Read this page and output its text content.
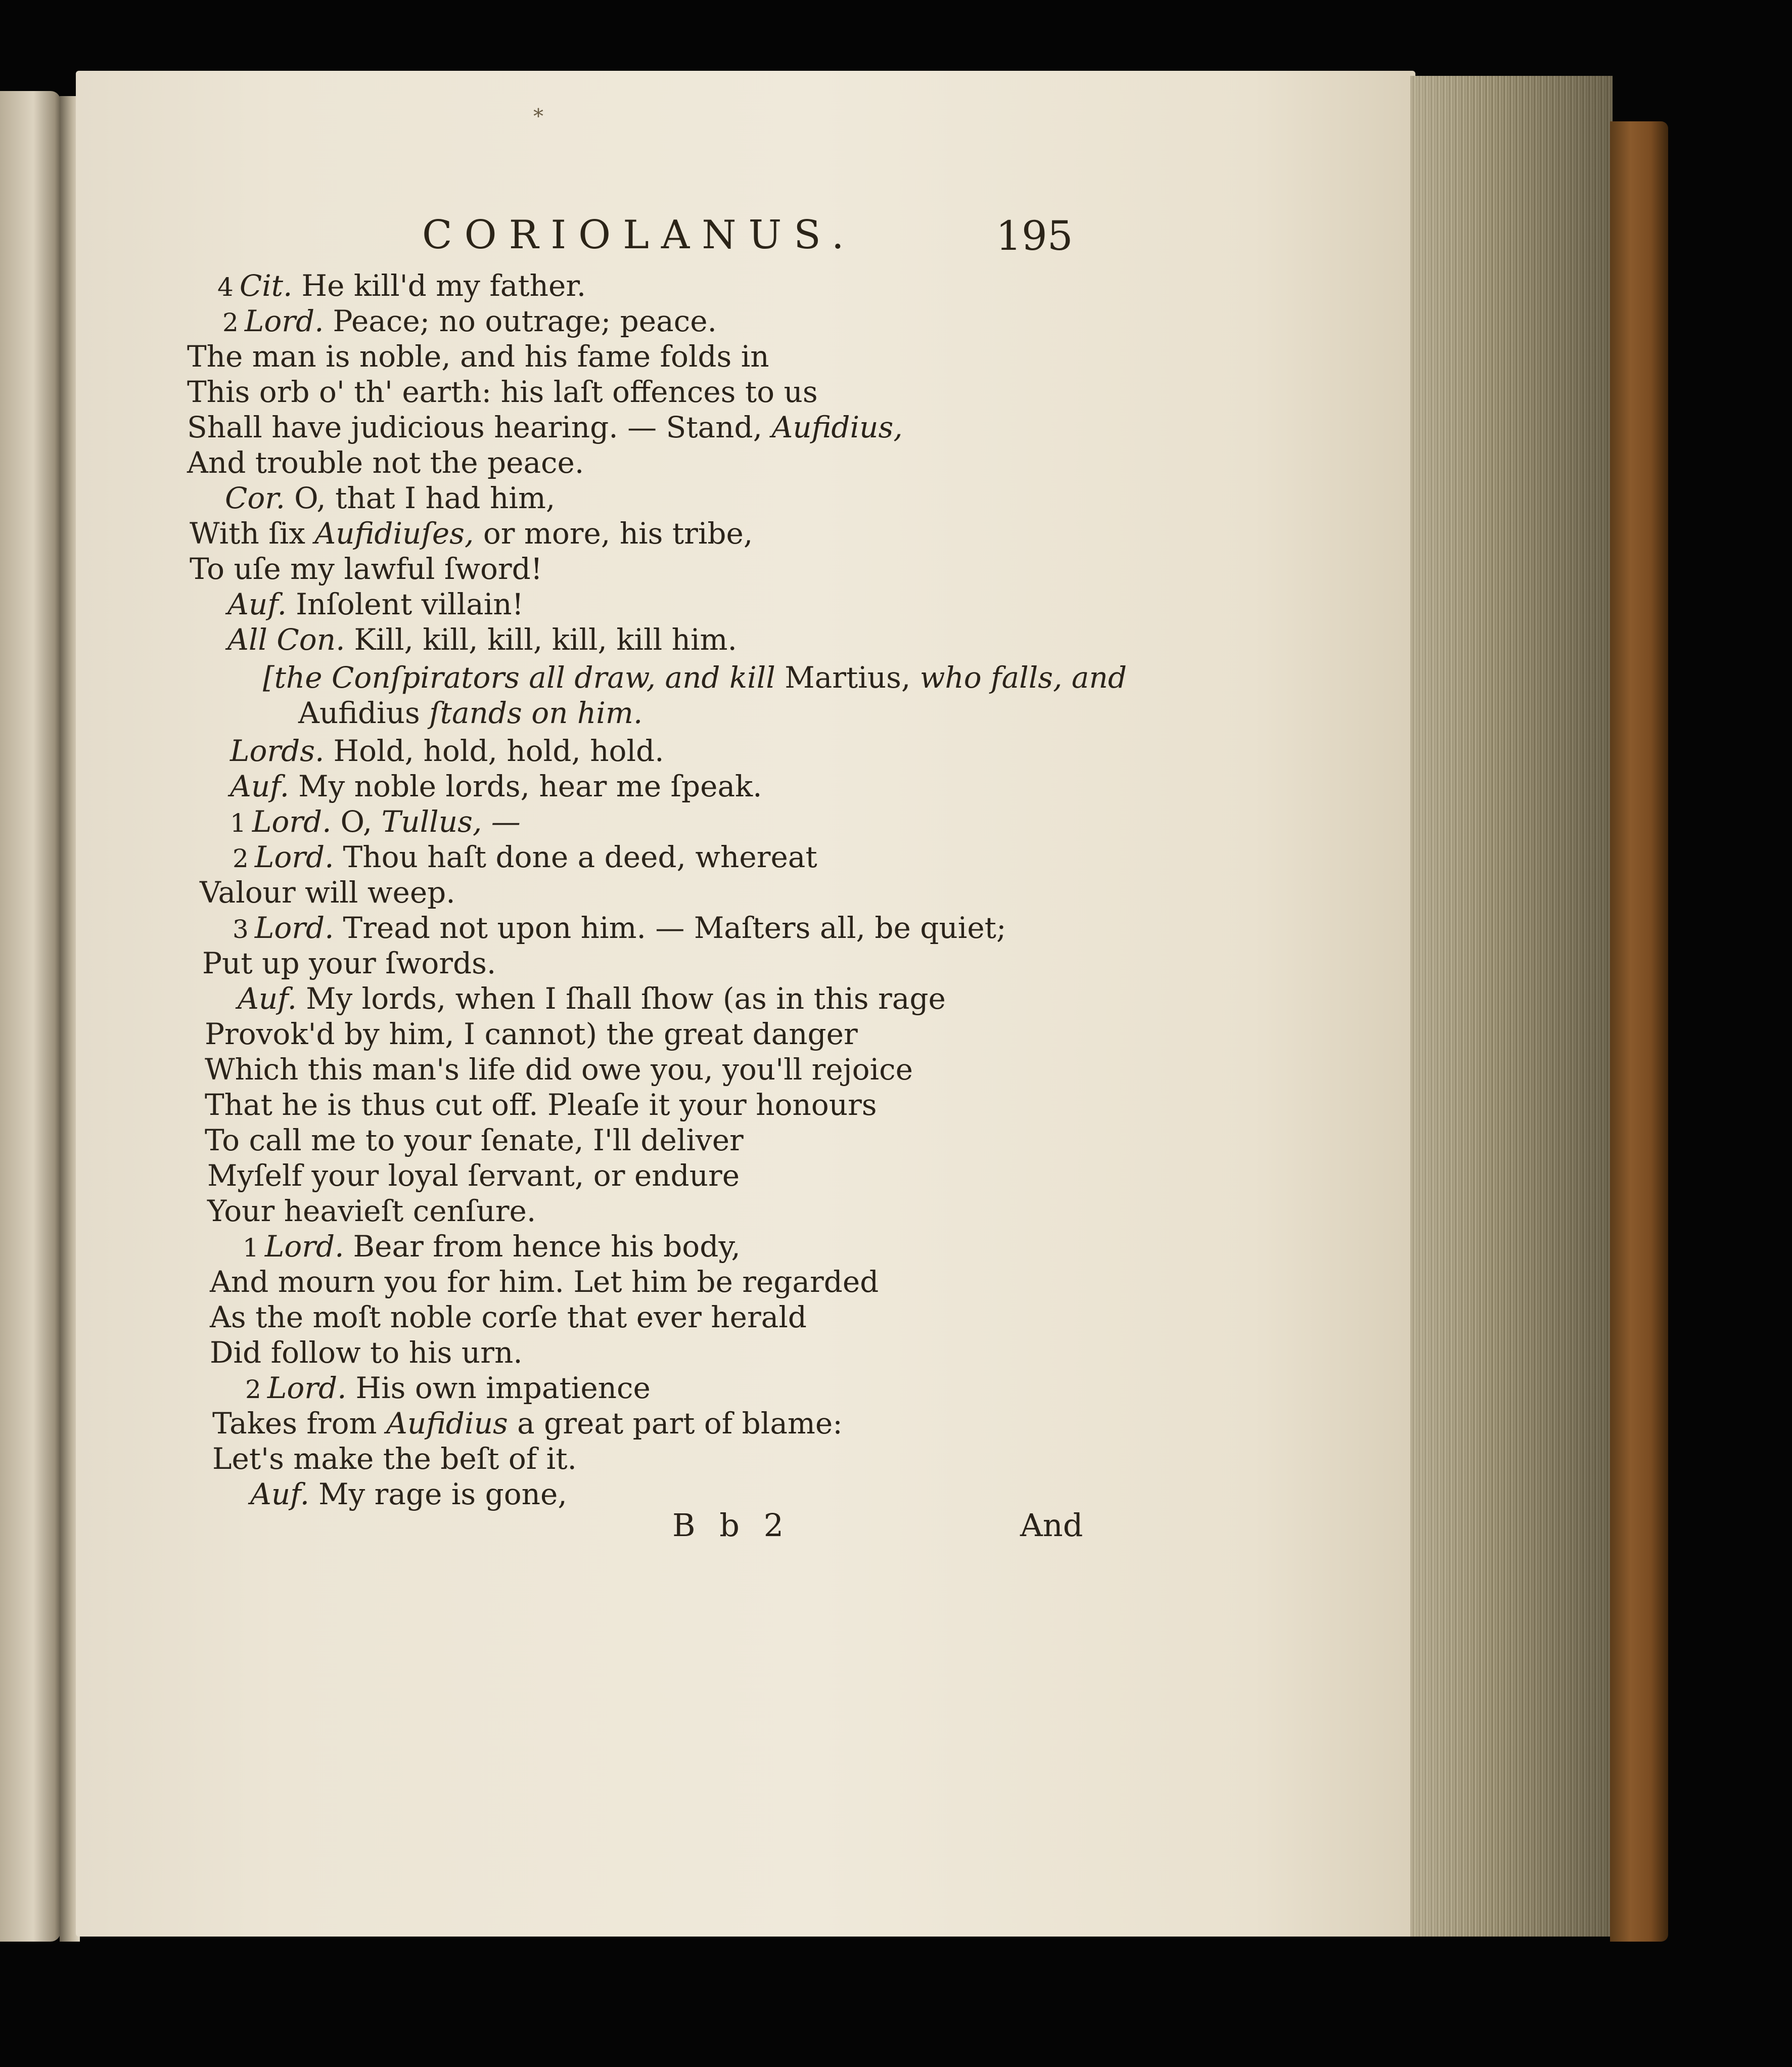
⁎
CORIOLANUS.	195
4 Cit. He kill'd my father.
2 Lord. Peace; no outrage; peace.
The man is noble, and his fame folds in
This orb o' th' earth: his laſt offences to us
Shall have judicious hearing. — Stand, Aufidius,
And trouble not the peace.
Cor. O, that I had him,
With ſix Aufidiuſes, or more, his tribe,
To uſe my lawful ſword!
Auf. Inſolent villain!
All Con. Kill, kill, kill, kill, kill him.
[the Conſpirators all draw, and kill Martius, who falls, and
Aufidius ſtands on him.
Lords. Hold, hold, hold, hold.
Auf. My noble lords, hear me ſpeak.
1 Lord. O, Tullus, —
2 Lord. Thou haſt done a deed, whereat
Valour will weep.
3 Lord. Tread not upon him. — Maſters all, be quiet;
Put up your ſwords.
Auf. My lords, when I ſhall ſhow (as in this rage
Provok'd by him, I cannot) the great danger
Which this man's life did owe you, you'll rejoice
That he is thus cut off. Pleaſe it your honours
To call me to your ſenate, I'll deliver
Myſelf your loyal ſervant, or endure
Your heavieſt cenſure.
1 Lord. Bear from hence his body,
And mourn you for him. Let him be regarded
As the moſt noble corſe that ever herald
Did follow to his urn.
2 Lord. His own impatience
Takes from Aufidius a great part of blame:
Let's make the beſt of it.
Auf. My rage is gone,
B b 2	And
